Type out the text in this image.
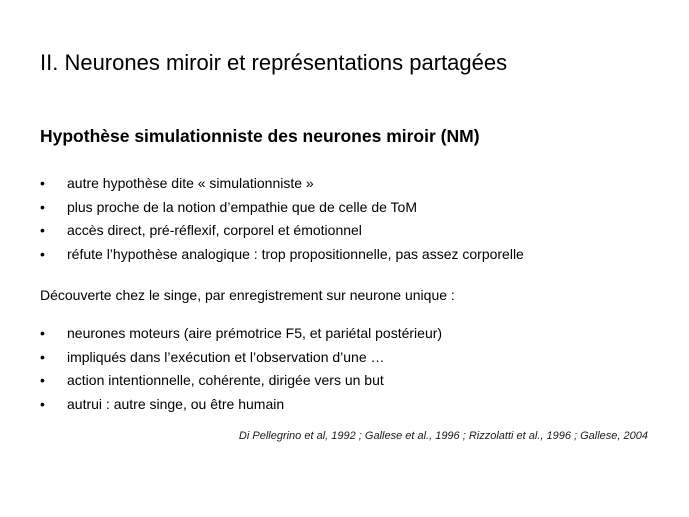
II. Neurones miroir et représentations partagées
Hypothèse simulationniste des neurones miroir (NM)
•	autre hypothèse dite « simulationniste »
•	plus proche de la notion d’empathie que de celle de ToM
•	accès direct, pré-réflexif, corporel et émotionnel
•	réfute l’hypothèse analogique : trop propositionnelle, pas assez corporelle
Découverte chez le singe, par enregistrement sur neurone unique :
•	neurones moteurs (aire prémotrice F5, et pariétal postérieur)
•	impliqués dans l’exécution et l’observation d’une …
•	action intentionnelle, cohérente, dirigée vers un but
•	autrui : autre singe, ou être humain
Di Pellegrino et al, 1992 ; Gallese et al., 1996 ; Rizzolatti et al., 1996 ; Gallese, 2004
